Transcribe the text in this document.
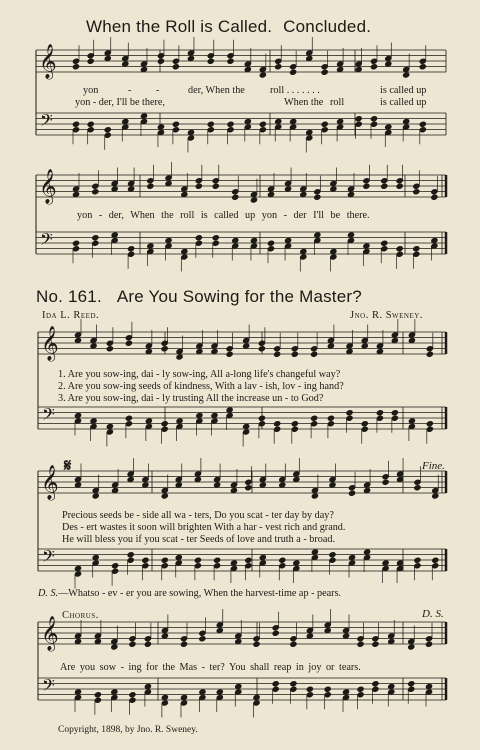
𝄞
𝄢
𝄞
𝄢
𝄞
𝄢
𝄞
𝄢
𝄞
𝄢
When the Roll is Called. Concluded.
yon	- -	der, When the roll . . . . . . .	is called up
yon - der, I'll be there,	When the roll	is called up
yon - der, When the roll is called up yon - der I'll be there.
No. 161. Are You Sowing for the Master?
Ida L. Reed.	Jno. R. Sweney.
1. Are you sow-ing, dai - ly sow-ing, All a-long life's changeful way?
2. Are you sow-ing seeds of kindness, With a lav - ish, lov - ing hand?
3. Are you sow-ing, dai - ly trusting All the increase un - to God?
𝄋	Fine.
Precious seeds be - side all wa - ters, Do you scat - ter day by day?
Des - ert wastes it soon will brighten With a har - vest rich and grand.
He will bless you if you scat - ter Seeds of love and truth a - broad.
D. S.—Whatso - ev - er you are sowing, When the harvest-time ap - pears.
Chorus.	D. S.
Are you sow - ing for the Mas - ter? You shall reap in joy or tears.
Copyright, 1898, by Jno. R. Sweney.
